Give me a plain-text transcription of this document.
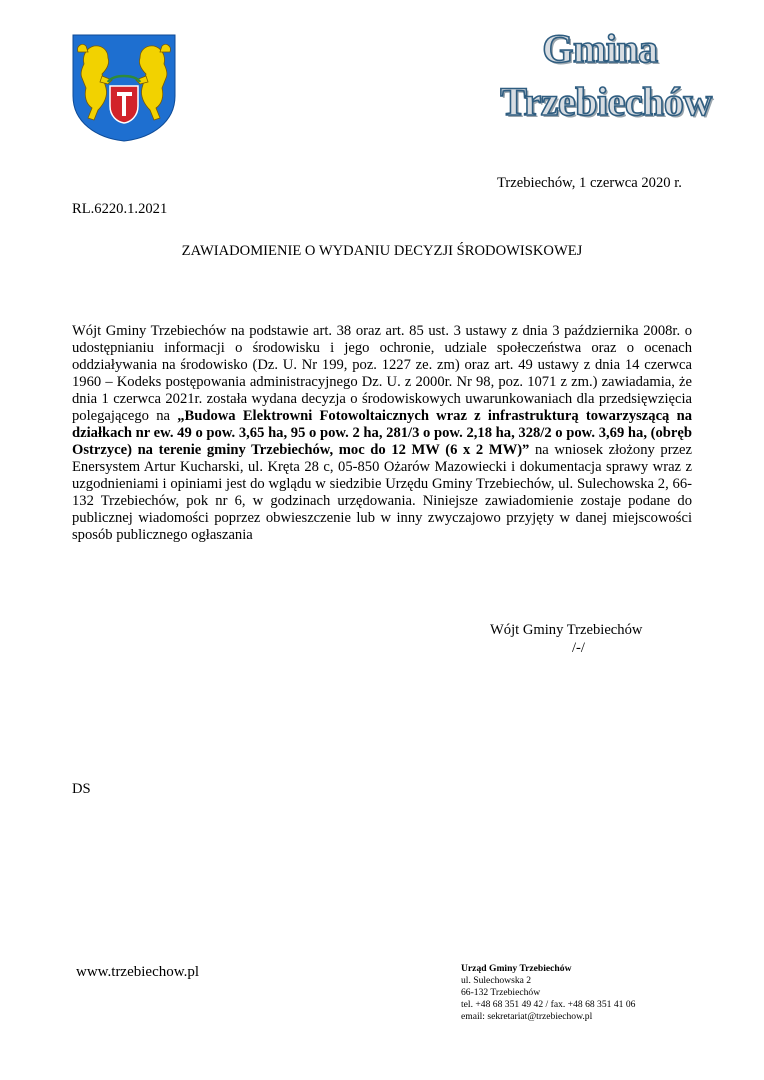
Gmina
Trzebiechów
Trzebiechów, 1 czerwca 2020 r.
RL.6220.1.2021
ZAWIADOMIENIE O WYDANIU DECYZJI ŚRODOWISKOWEJ
Wójt Gminy Trzebiechów na podstawie art. 38 oraz art. 85 ust. 3 ustawy z dnia 3 października 2008r. o udostępnianiu informacji o środowisku i jego ochronie, udziale społeczeństwa oraz o ocenach oddziaływania na środowisko (Dz. U. Nr 199, poz. 1227 ze. zm) oraz art. 49 ustawy z dnia 14 czerwca 1960 – Kodeks postępowania administracyjnego Dz. U. z 2000r. Nr 98, poz. 1071 z zm.) zawiadamia, że dnia 1 czerwca 2021r. została wydana decyzja o środowiskowych uwarunkowaniach dla przedsięwzięcia polegającego na „Budowa Elektrowni Fotowoltaicznych wraz z infrastrukturą towarzyszącą na działkach nr ew. 49 o pow. 3,65 ha, 95 o pow. 2 ha, 281/3 o pow. 2,18 ha, 328/2 o pow. 3,69 ha, (obręb Ostrzyce) na terenie gminy Trzebiechów, moc do 12 MW (6 x 2 MW)” na wniosek złożony przez Enersystem Artur Kucharski, ul. Kręta 28 c, 05-850 Ożarów Mazowiecki i dokumentacja sprawy wraz z uzgodnieniami i opiniami jest do wglądu w siedzibie Urzędu Gminy Trzebiechów, ul. Sulechowska 2, 66-132 Trzebiechów, pok nr 6, w godzinach urzędowania. Niniejsze zawiadomienie zostaje podane do publicznej wiadomości poprzez obwieszczenie lub w inny zwyczajowo przyjęty w danej miejscowości sposób publicznego ogłaszania
Wójt Gminy Trzebiechów
/-/
DS
www.trzebiechow.pl	Urząd Gminy Trzebiechów
ul. Sulechowska 2
66-132 Trzebiechów
tel. +48 68 351 49 42 / fax. +48 68 351 41 06
email: sekretariat@trzebiechow.pl
